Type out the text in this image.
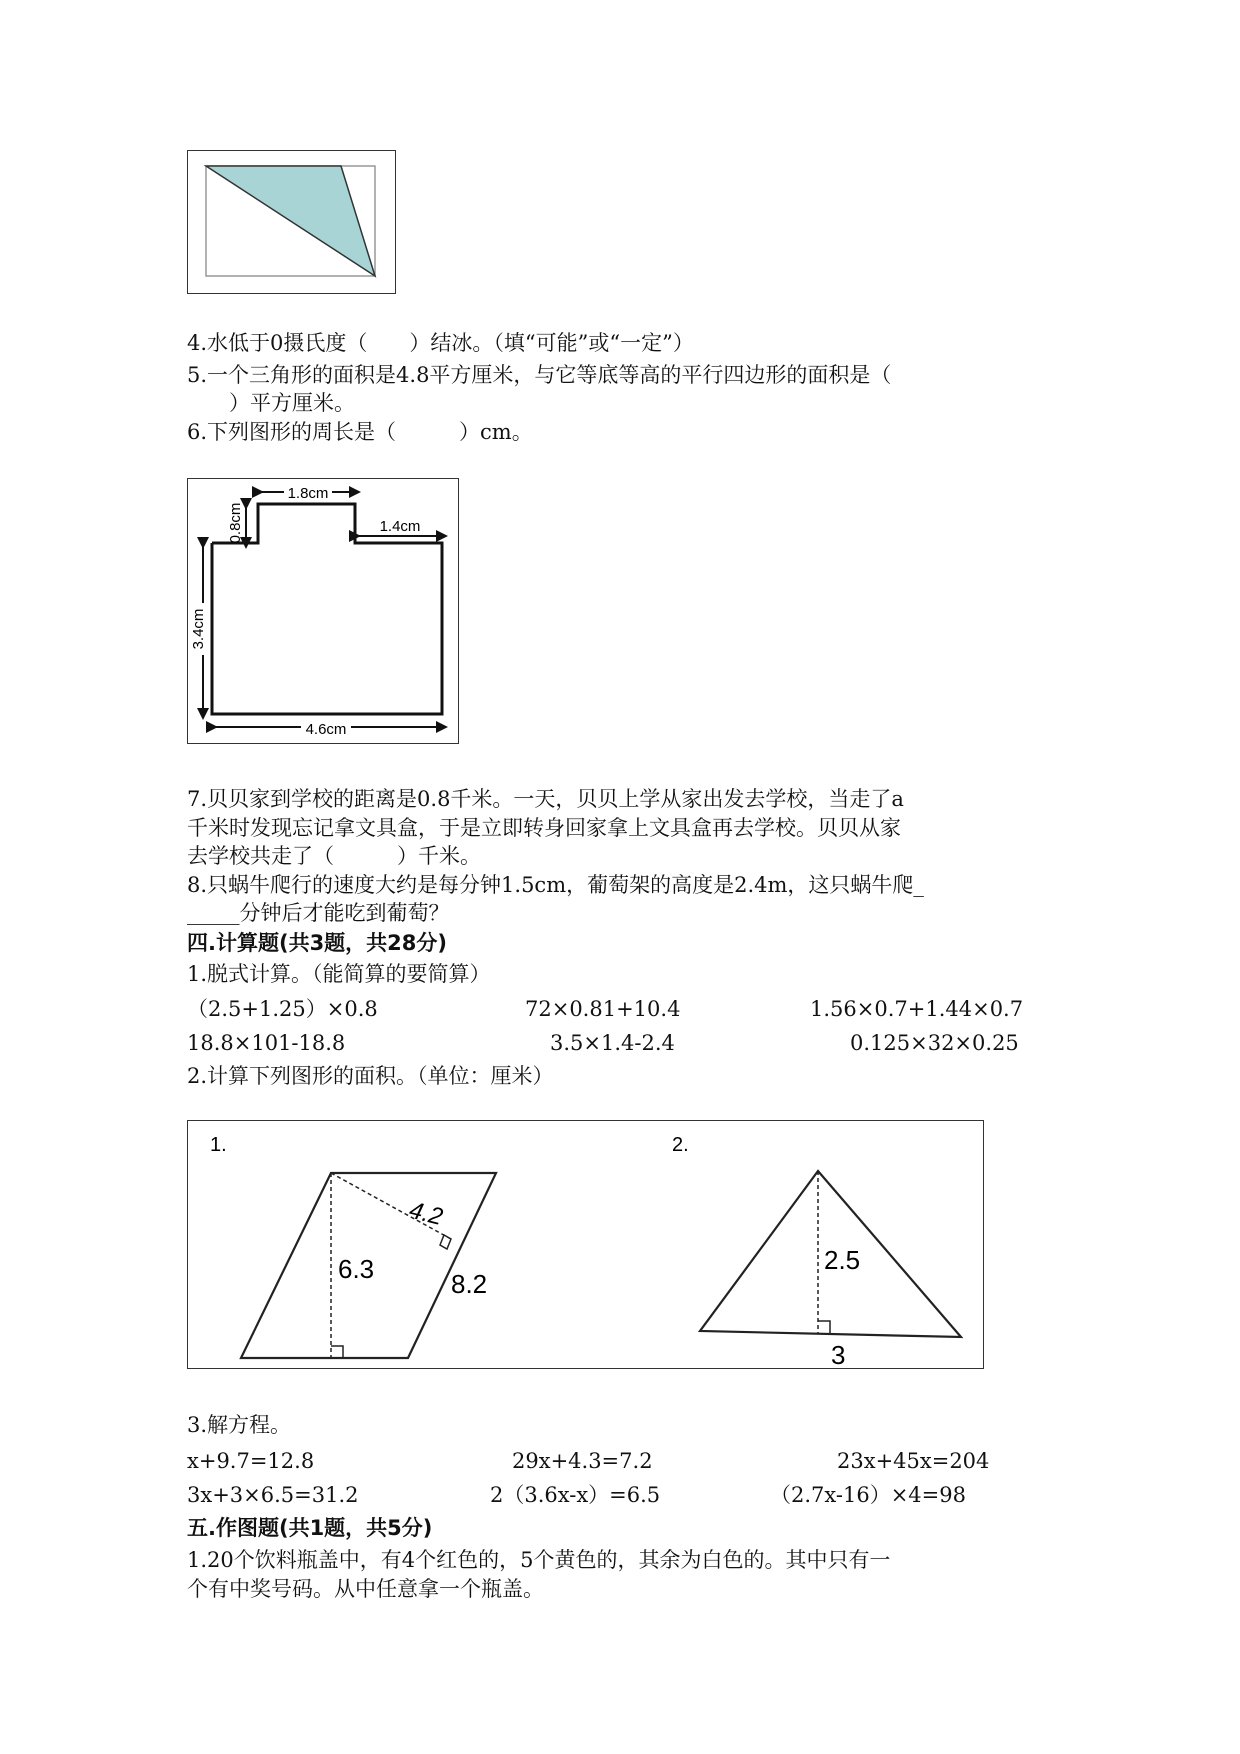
4.水低于0摄氏度（　　）结冰。（填“可能”或“一定”）
5.一个三角形的面积是4.8平方厘米，与它等底等高的平行四边形的面积是（
　　）平方厘米。
6.下列图形的周长是（　　　）cm。
1.8cm
0.8cm	1.4cm
3.4cm
4.6cm
7.贝贝家到学校的距离是0.8千米。一天，贝贝上学从家出发去学校，当走了a
千米时发现忘记拿文具盒，于是立即转身回家拿上文具盒再去学校。贝贝从家
去学校共走了（　　　）千米。
8.只蜗牛爬行的速度大约是每分钟1.5cm，葡萄架的高度是2.4m，这只蜗牛爬_
_____分钟后才能吃到葡萄？
四.计算题(共3题，共28分)
1.脱式计算。（能简算的要简算）
（2.5+1.25）×0.8	72×0.81+10.4	1.56×0.7+1.44×0.7
18.8×101-18.8	3.5×1.4-2.4	0.125×32×0.25
2.计算下列图形的面积。（单位：厘米）
1.	2.
4.2
6.3	8.2
2.5
3
3.解方程。
x+9.7=12.8	29x+4.3=7.2	23x+45x=204
3x+3×6.5=31.2	2（3.6x-x）=6.5	（2.7x-16）×4=98
五.作图题(共1题，共5分)
1.20个饮料瓶盖中，有4个红色的，5个黄色的，其余为白色的。其中只有一
个有中奖号码。从中任意拿一个瓶盖。
